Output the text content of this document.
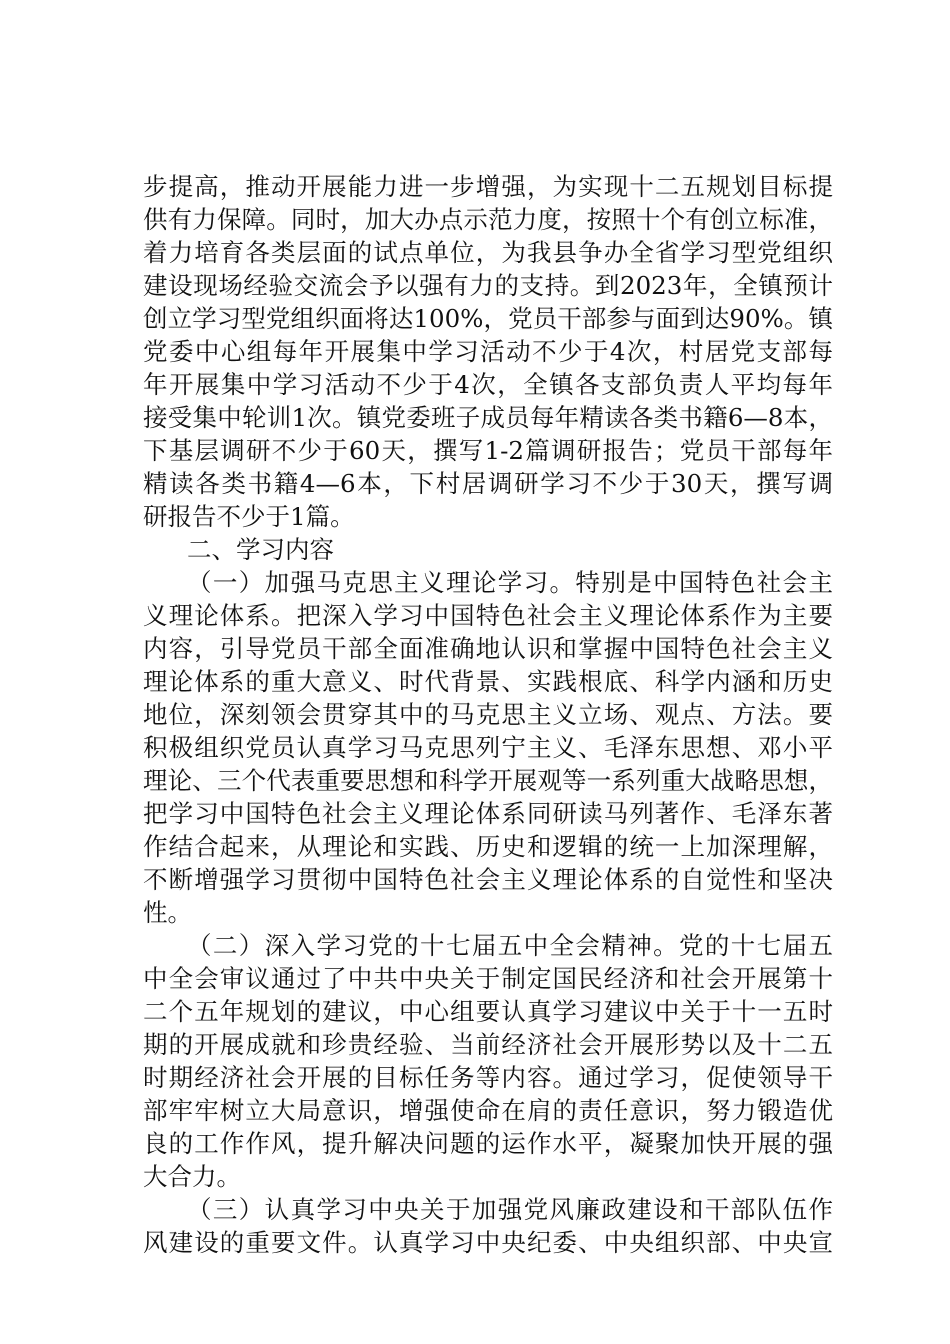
步提高，推动开展能力进一步增强，为实现十二五规划目标提
供有力保障。同时，加大办点示范力度，按照十个有创立标准，
着力培育各类层面的试点单位，为我县争办全省学习型党组织
建设现场经验交流会予以强有力的支持。到2023年，全镇预计
创立学习型党组织面将达100%，党员干部参与面到达90%。镇
党委中心组每年开展集中学习活动不少于4次，村居党支部每
年开展集中学习活动不少于4次，全镇各支部负责人平均每年
接受集中轮训1次。镇党委班子成员每年精读各类书籍6—8本，
下基层调研不少于60天，撰写1-2篇调研报告；党员干部每年
精读各类书籍4—6本，下村居调研学习不少于30天，撰写调
研报告不少于1篇。
二、学习内容
（一）加强马克思主义理论学习。特别是中国特色社会主
义理论体系。把深入学习中国特色社会主义理论体系作为主要
内容，引导党员干部全面准确地认识和掌握中国特色社会主义
理论体系的重大意义、时代背景、实践根底、科学内涵和历史
地位，深刻领会贯穿其中的马克思主义立场、观点、方法。要
积极组织党员认真学习马克思列宁主义、毛泽东思想、邓小平
理论、三个代表重要思想和科学开展观等一系列重大战略思想，
把学习中国特色社会主义理论体系同研读马列著作、毛泽东著
作结合起来，从理论和实践、历史和逻辑的统一上加深理解，
不断增强学习贯彻中国特色社会主义理论体系的自觉性和坚决
性。
（二）深入学习党的十七届五中全会精神。党的十七届五
中全会审议通过了中共中央关于制定国民经济和社会开展第十
二个五年规划的建议，中心组要认真学习建议中关于十一五时
期的开展成就和珍贵经验、当前经济社会开展形势以及十二五
时期经济社会开展的目标任务等内容。通过学习，促使领导干
部牢牢树立大局意识，增强使命在肩的责任意识，努力锻造优
良的工作作风，提升解决问题的运作水平，凝聚加快开展的强
大合力。
（三）认真学习中央关于加强党风廉政建设和干部队伍作
风建设的重要文件。认真学习中央纪委、中央组织部、中央宣
